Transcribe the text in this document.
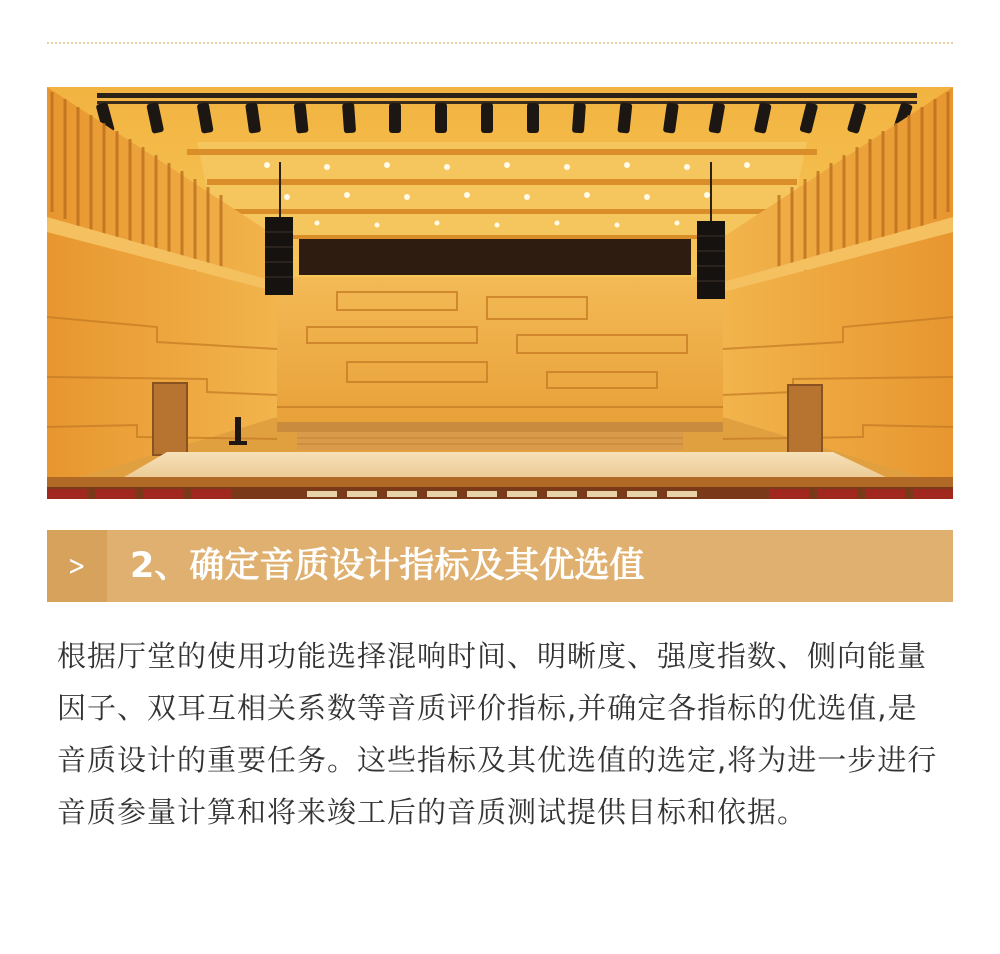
>	2、确定音质设计指标及其优选值

根据厅堂的使用功能选择混响时间、明晰度、强度指数、侧向能量因子、双耳互相关系数等音质评价指标,并确定各指标的优选值,是音质设计的重要任务。这些指标及其优选值的选定,将为进一步进行音质参量计算和将来竣工后的音质测试提供目标和依据。
